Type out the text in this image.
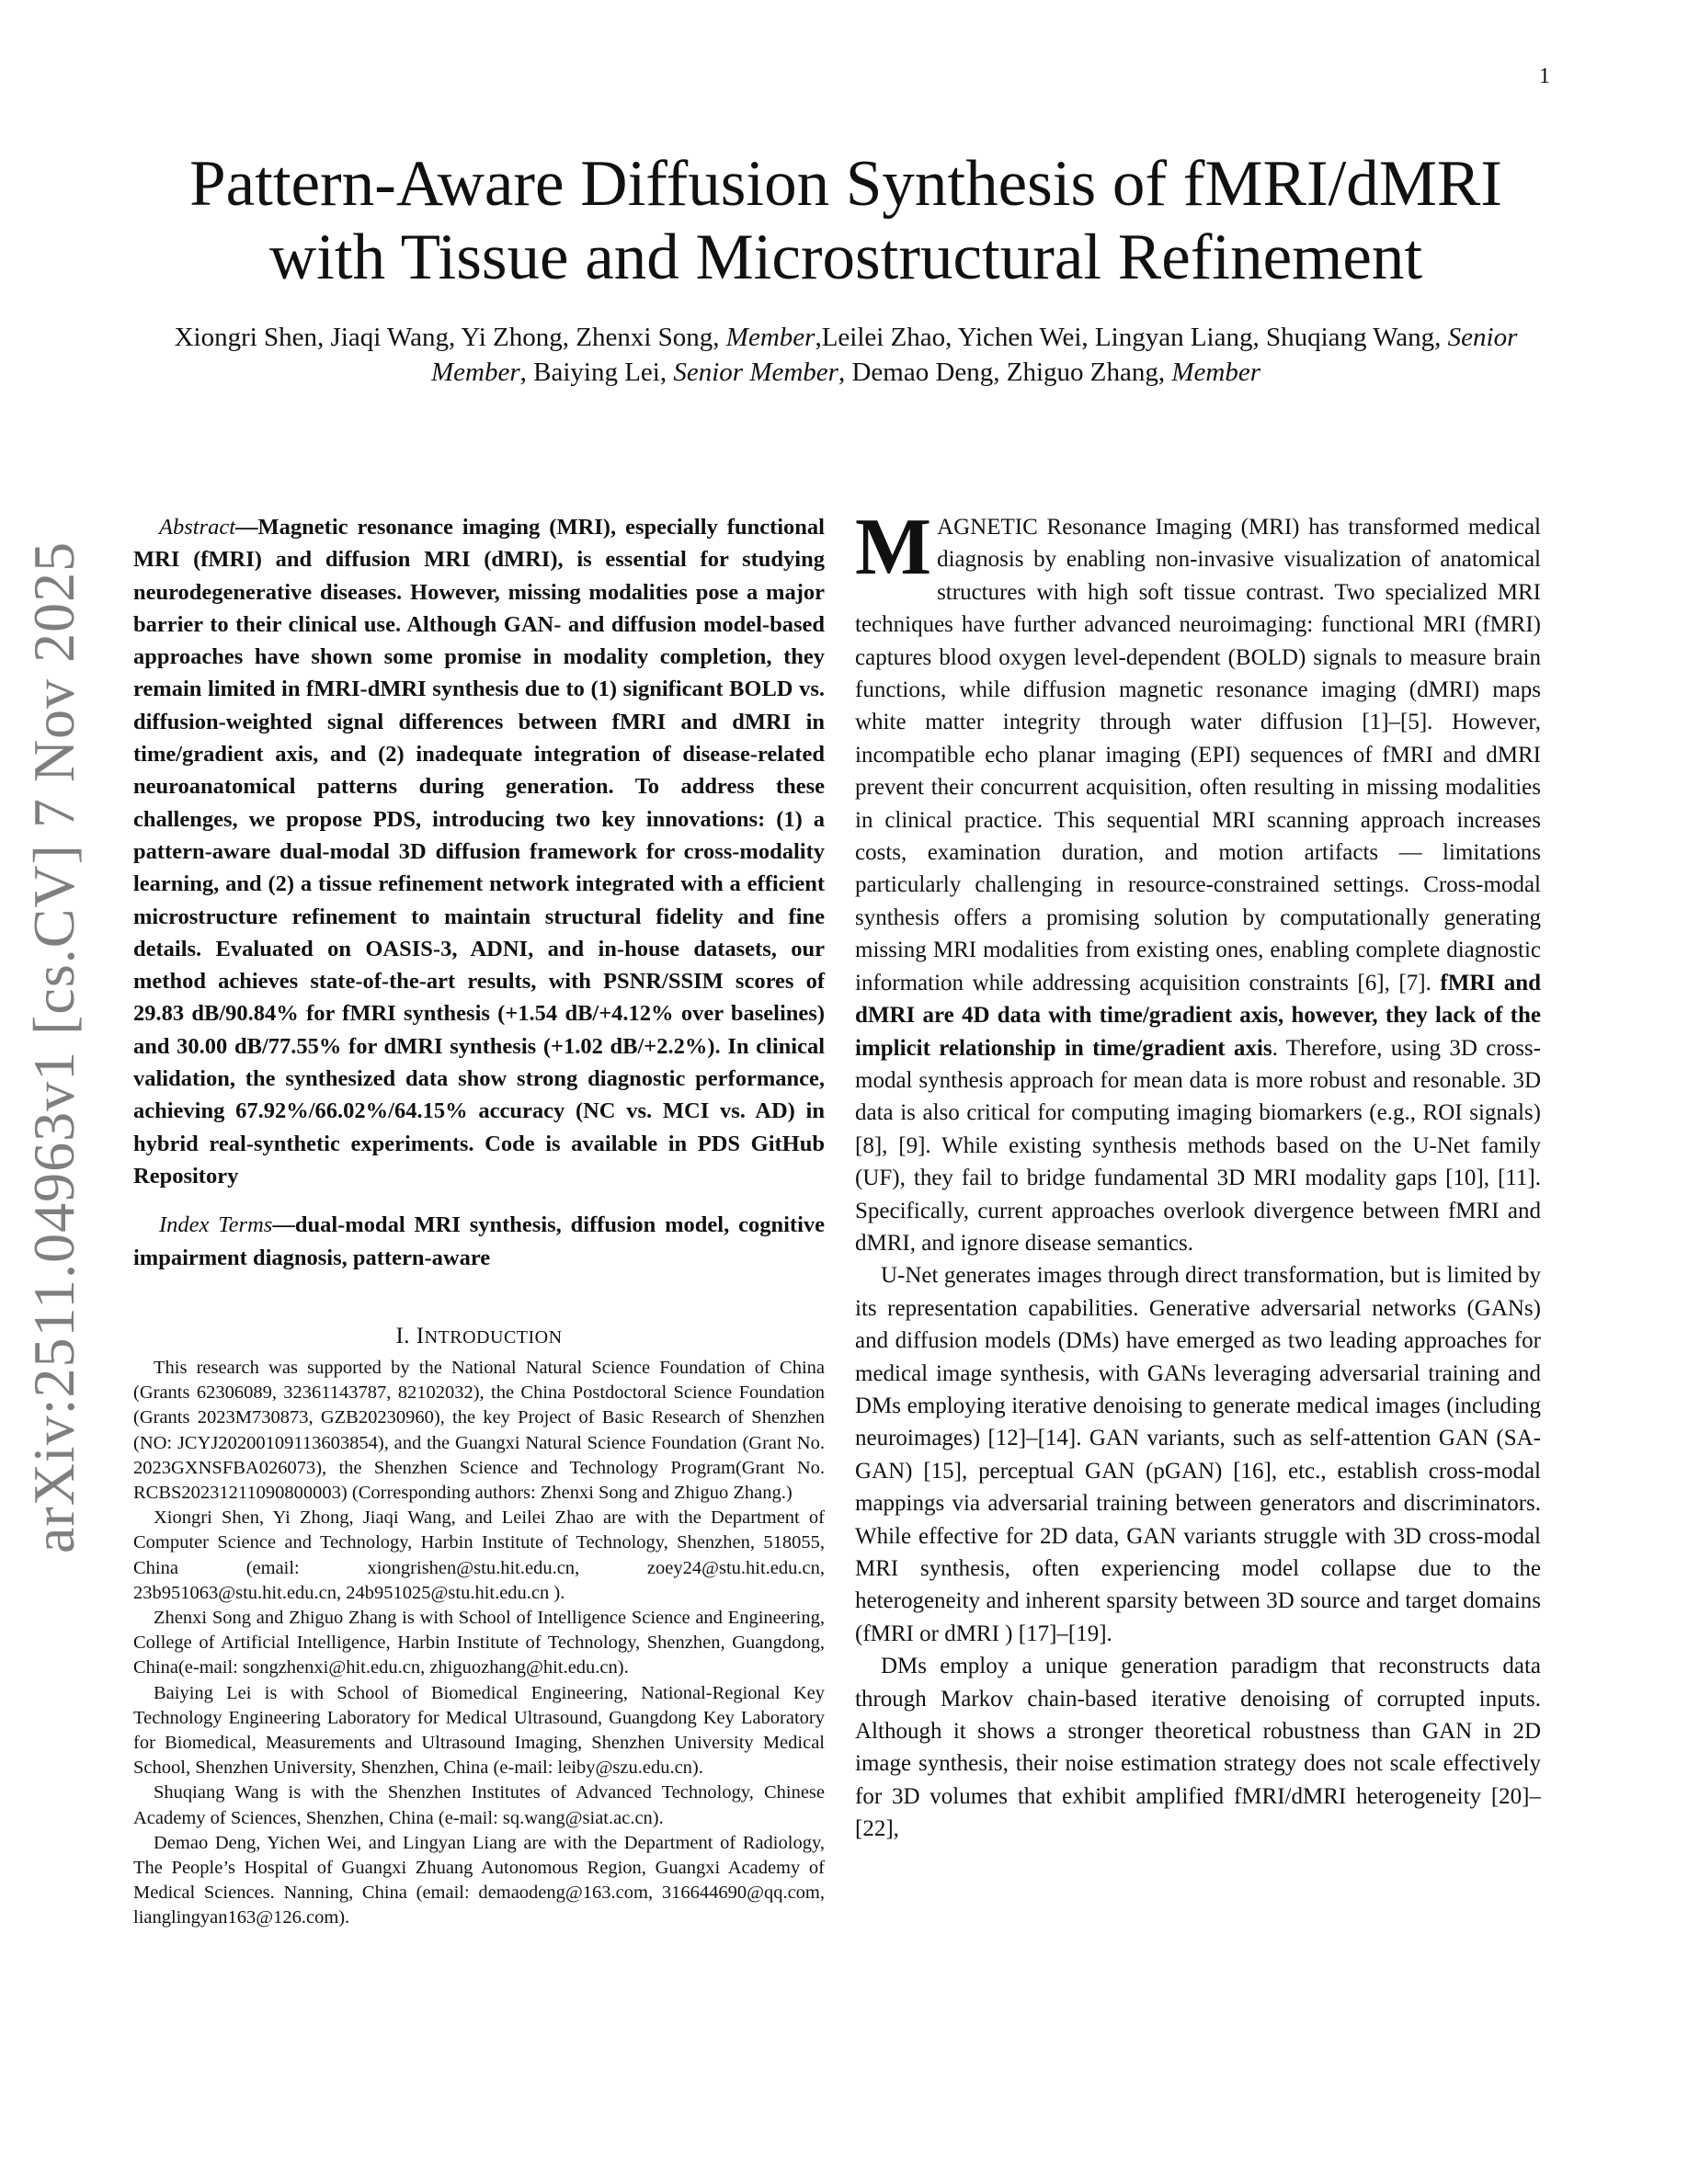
1
arXiv:2511.04963v1 [cs.CV] 7 Nov 2025
Pattern-Aware Diffusion Synthesis of fMRI/dMRI
with Tissue and Microstructural Refinement
Xiongri Shen, Jiaqi Wang, Yi Zhong, Zhenxi Song, Member,Leilei Zhao, Yichen Wei, Lingyan Liang, Shuqiang Wang, Senior Member, Baiying Lei, Senior Member, Demao Deng, Zhiguo Zhang, Member

Abstract—Magnetic resonance imaging (MRI), especially functional MRI (fMRI) and diffusion MRI (dMRI), is essential for studying neurodegenerative diseases. However, missing modalities pose a major barrier to their clinical use. Although GAN- and diffusion model-based approaches have shown some promise in modality completion, they remain limited in fMRI-dMRI synthesis due to (1) significant BOLD vs. diffusion-weighted signal differences between fMRI and dMRI in time/gradient axis, and (2) inadequate integration of disease-related neuroanatomical patterns during generation. To address these challenges, we propose PDS, introducing two key innovations: (1) a pattern-aware dual-modal 3D diffusion framework for cross-modality learning, and (2) a tissue refinement network integrated with a efficient microstructure refinement to maintain structural fidelity and fine details. Evaluated on OASIS-3, ADNI, and in-house datasets, our method achieves state-of-the-art results, with PSNR/SSIM scores of 29.83 dB/90.84% for fMRI synthesis (+1.54 dB/+4.12% over baselines) and 30.00 dB/77.55% for dMRI synthesis (+1.02 dB/+2.2%). In clinical validation, the synthesized data show strong diagnostic performance, achieving 67.92%/66.02%/64.15% accuracy (NC vs. MCI vs. AD) in hybrid real-synthetic experiments. Code is available in PDS GitHub Repository

Index Terms—dual-modal MRI synthesis, diffusion model, cognitive impairment diagnosis, pattern-aware

I. INTRODUCTION

This research was supported by the National Natural Science Foundation of China (Grants 62306089, 32361143787, 82102032), the China Postdoctoral Science Foundation (Grants 2023M730873, GZB20230960), the key Project of Basic Research of Shenzhen (NO: JCYJ20200109113603854), and the Guangxi Natural Science Foundation (Grant No. 2023GXNSFBA026073), the Shenzhen Science and Technology Program(Grant No. RCBS20231211090800003) (Corresponding authors: Zhenxi Song and Zhiguo Zhang.)

Xiongri Shen, Yi Zhong, Jiaqi Wang, and Leilei Zhao are with the Department of Computer Science and Technology, Harbin Institute of Technology, Shenzhen, 518055, China (email: xiongrishen@stu.hit.edu.cn, zoey24@stu.hit.edu.cn, 23b951063@stu.hit.edu.cn, 24b951025@stu.hit.edu.cn ).

Zhenxi Song and Zhiguo Zhang is with School of Intelligence Science and Engineering, College of Artificial Intelligence, Harbin Institute of Technology, Shenzhen, Guangdong, China(e-mail: songzhenxi@hit.edu.cn, zhiguozhang@hit.edu.cn).

Baiying Lei is with School of Biomedical Engineering, National-Regional Key Technology Engineering Laboratory for Medical Ultrasound, Guangdong Key Laboratory for Biomedical, Measurements and Ultrasound Imaging, Shenzhen University Medical School, Shenzhen University, Shenzhen, China (e-mail: leiby@szu.edu.cn).

Shuqiang Wang is with the Shenzhen Institutes of Advanced Technology, Chinese Academy of Sciences, Shenzhen, China (e-mail: sq.wang@siat.ac.cn).

Demao Deng, Yichen Wei, and Lingyan Liang are with the Department of Radiology, The People’s Hospital of Guangxi Zhuang Autonomous Region, Guangxi Academy of Medical Sciences. Nanning, China (email: demaodeng@163.com, 316644690@qq.com, lianglingyan163@126.com).

MAGNETIC Resonance Imaging (MRI) has transformed medical diagnosis by enabling non-invasive visualization of anatomical structures with high soft tissue contrast. Two specialized MRI techniques have further advanced neuroimaging: functional MRI (fMRI) captures blood oxygen level-dependent (BOLD) signals to measure brain functions, while diffusion magnetic resonance imaging (dMRI) maps white matter integrity through water diffusion [1]–[5]. However, incompatible echo planar imaging (EPI) sequences of fMRI and dMRI prevent their concurrent acquisition, often resulting in missing modalities in clinical practice. This sequential MRI scanning approach increases costs, examination duration, and motion artifacts — limitations particularly challenging in resource-constrained settings. Cross-modal synthesis offers a promising solution by computationally generating missing MRI modalities from existing ones, enabling complete diagnostic information while addressing acquisition constraints [6], [7]. fMRI and dMRI are 4D data with time/gradient axis, however, they lack of the implicit relationship in time/gradient axis. Therefore, using 3D cross-modal synthesis approach for mean data is more robust and resonable. 3D data is also critical for computing imaging biomarkers (e.g., ROI signals) [8], [9]. While existing synthesis methods based on the U-Net family (UF), they fail to bridge fundamental 3D MRI modality gaps [10], [11]. Specifically, current approaches overlook divergence between fMRI and dMRI, and ignore disease semantics.

U-Net generates images through direct transformation, but is limited by its representation capabilities. Generative adversarial networks (GANs) and diffusion models (DMs) have emerged as two leading approaches for medical image synthesis, with GANs leveraging adversarial training and DMs employing iterative denoising to generate medical images (including neuroimages) [12]–[14]. GAN variants, such as self-attention GAN (SA-GAN) [15], perceptual GAN (pGAN) [16], etc., establish cross-modal mappings via adversarial training between generators and discriminators. While effective for 2D data, GAN variants struggle with 3D cross-modal MRI synthesis, often experiencing model collapse due to the heterogeneity and inherent sparsity between 3D source and target domains (fMRI or dMRI ) [17]–[19].

DMs employ a unique generation paradigm that reconstructs data through Markov chain-based iterative denoising of corrupted inputs. Although it shows a stronger theoretical robustness than GAN in 2D image synthesis, their noise estimation strategy does not scale effectively for 3D volumes that exhibit amplified fMRI/dMRI heterogeneity [20]–[22],
